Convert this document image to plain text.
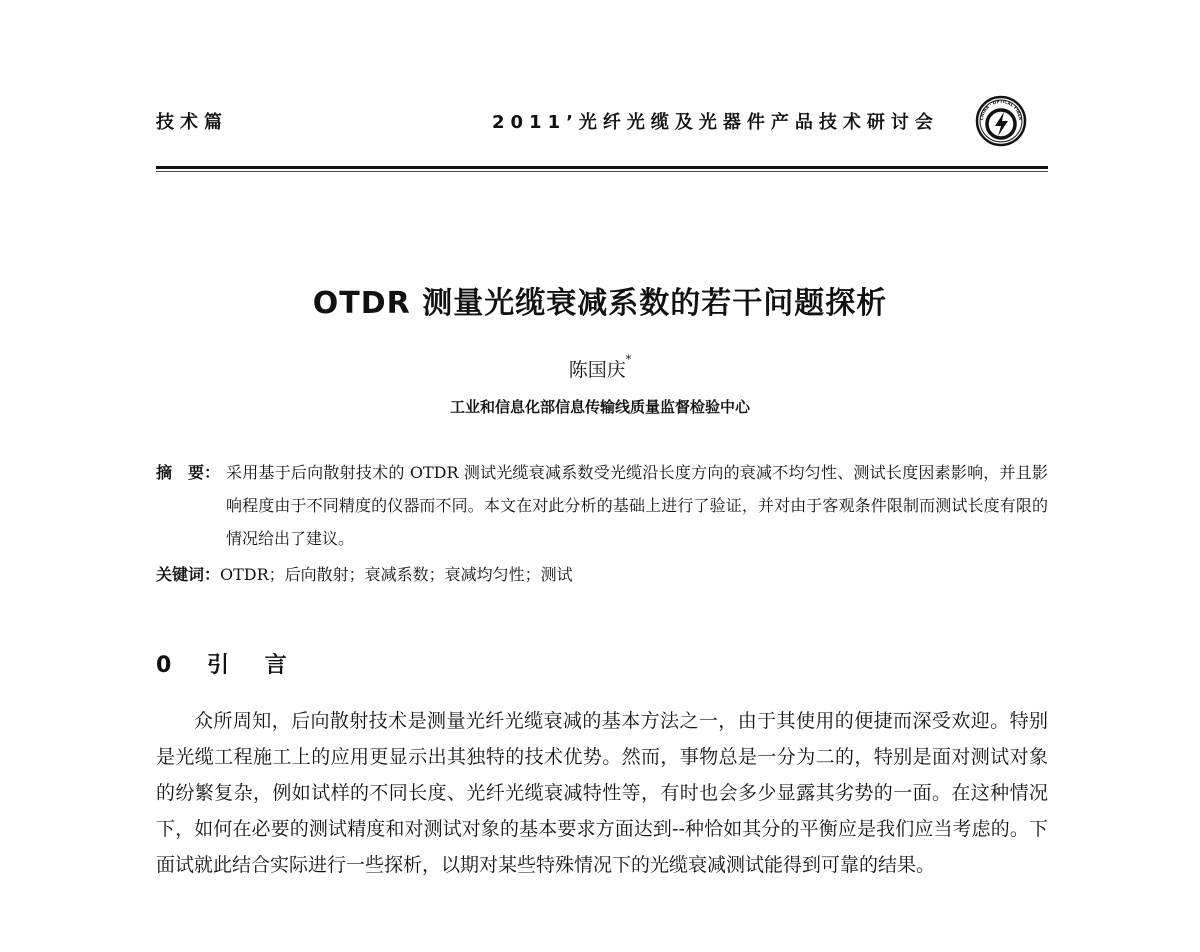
技术篇	2011’光纤光缆及光器件产品技术研讨会	CHINA · OPTICAL FIBER
OTDR 测量光缆衰减系数的若干问题探析
陈国庆*
工业和信息化部信息传输线质量监督检验中心
摘　要： 采用基于后向散射技术的 OTDR 测试光缆衰减系数受光缆沿长度方向的衰减不均匀性、测试长度因素影响，并且影响程度由于不同精度的仪器而不同。本文在对此分析的基础上进行了验证，并对由于客观条件限制而测试长度有限的情况给出了建议。
关键词：OTDR；后向散射；衰减系数；衰减均匀性；测试
0 引 言
众所周知，后向散射技术是测量光纤光缆衰减的基本方法之一，由于其使用的便捷而深受欢迎。特别是光缆工程施工上的应用更显示出其独特的技术优势。然而，事物总是一分为二的，特别是面对测试对象的纷繁复杂，例如试样的不同长度、光纤光缆衰减特性等，有时也会多少显露其劣势的一面。在这种情况下，如何在必要的测试精度和对测试对象的基本要求方面达到--种恰如其分的平衡应是我们应当考虑的。下面试就此结合实际进行一些探析，以期对某些特殊情况下的光缆衰减测试能得到可靠的结果。
